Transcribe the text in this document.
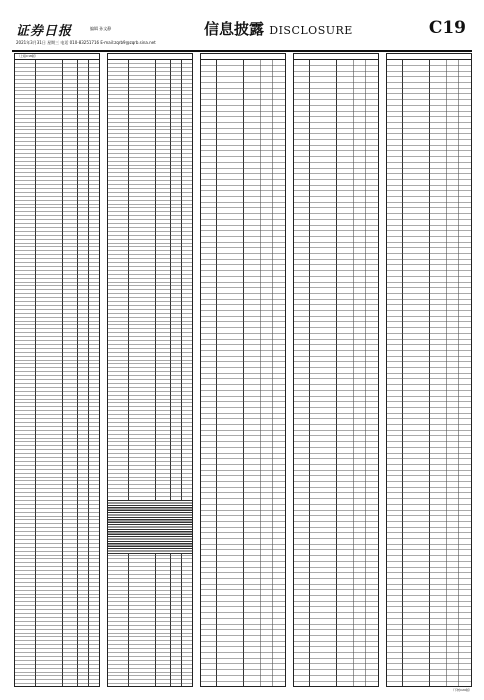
证券日报	编辑 孙文静
2021年3月31日 星期三 电话 010-83251716 E-mail:zqrb9@zqrb.sina.net
信息披露 DISCLOSURE	C19
（上接C18版）
（下转C20版）
